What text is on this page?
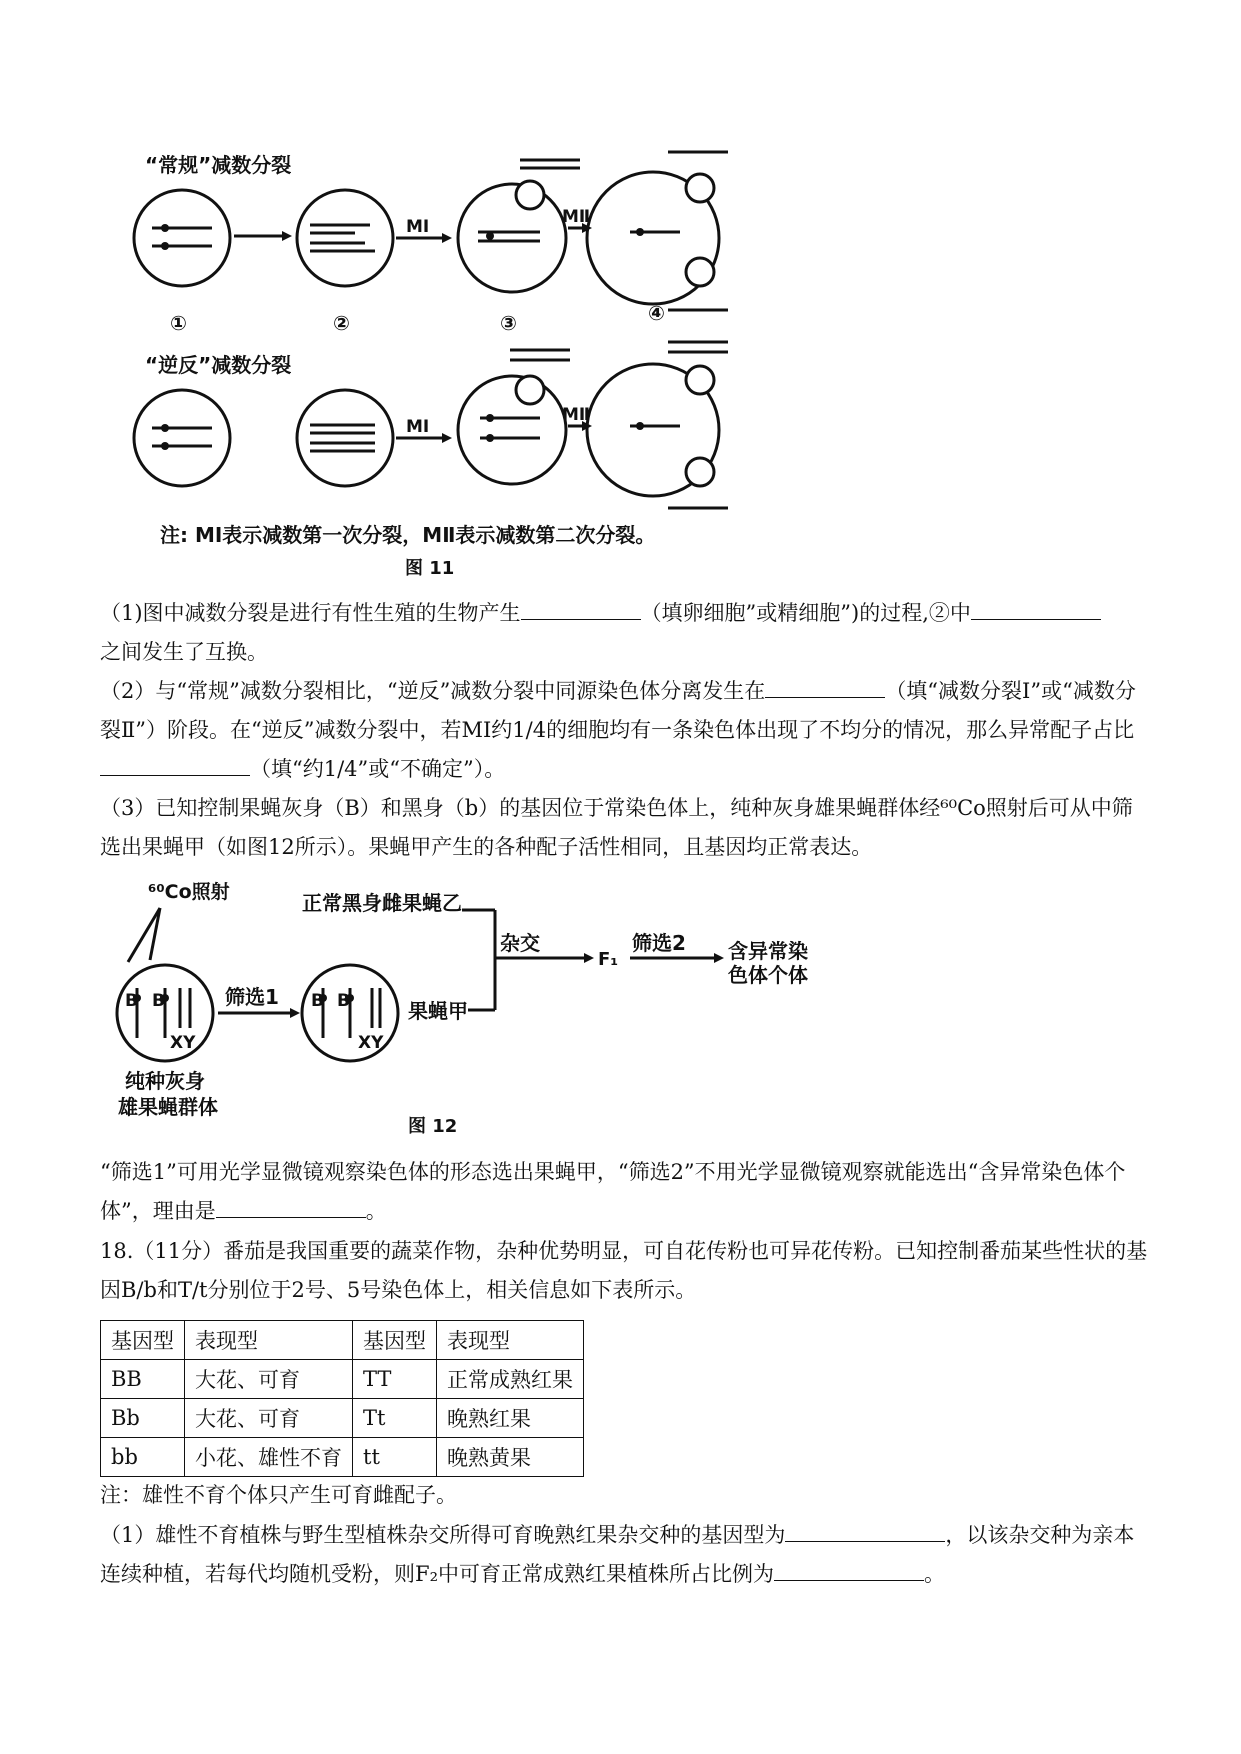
“常规”减数分裂
“逆反”减数分裂
①	②	③	④
MⅠ	MⅡ
MⅠ
MⅡ
注: MⅠ表示减数第一次分裂，MⅡ表示减数第二次分裂。
图 11
（1)图中减数分裂是进行有性生殖的生物产生	（填卵细胞”或精细胞”)的过程,②中
之间发生了互换。
（2）与“常规”减数分裂相比，“逆反”减数分裂中同源染色体分离发生在	（填“减数分裂Ⅰ”或“减数分裂Ⅱ”）阶段。在“逆反”减数分裂中，若MI约1/4的细胞均有一条染色体出现了不均分的情况，那么异常配子占比（填“约1/4”或“不确定”）。
（3）已知控制果蝇灰身（B）和黑身（b）的基因位于常染色体上，纯种灰身雄果蝇群体经⁶⁰Co照射后可从中筛选出果蝇甲（如图12所示）。果蝇甲产生的各种配子活性相同，且基因均正常表达。
⁶⁰Co照射
B B
XY
B B
XY
筛选1
正常黑身雌果蝇乙
果蝇甲
杂交
F₁
筛选2 含异常染
色体个体
纯种灰身
雄果蝇群体
图 12
“筛选1”可用光学显微镜观察染色体的形态选出果蝇甲，“筛选2”不用光学显微镜观察就能选出“含异常染色体个体”，理由是	。
18.（11分）番茄是我国重要的蔬菜作物，杂种优势明显，可自花传粉也可异花传粉。已知控制番茄某些性状的基因B/b和T/t分别位于2号、5号染色体上，相关信息如下表所示。
基因型	表现型	基因型	表现型
BB	大花、可育	TT	正常成熟红果
Bb	大花、可育	Tt	晚熟红果
bb	小花、雄性不育	tt	晚熟黄果
注：雄性不育个体只产生可育雌配子。
（1）雄性不育植株与野生型植株杂交所得可育晚熟红果杂交种的基因型为	，以该杂交种为亲本连续种植，若每代均随机受粉，则F₂中可育正常成熟红果植株所占比例为	。
